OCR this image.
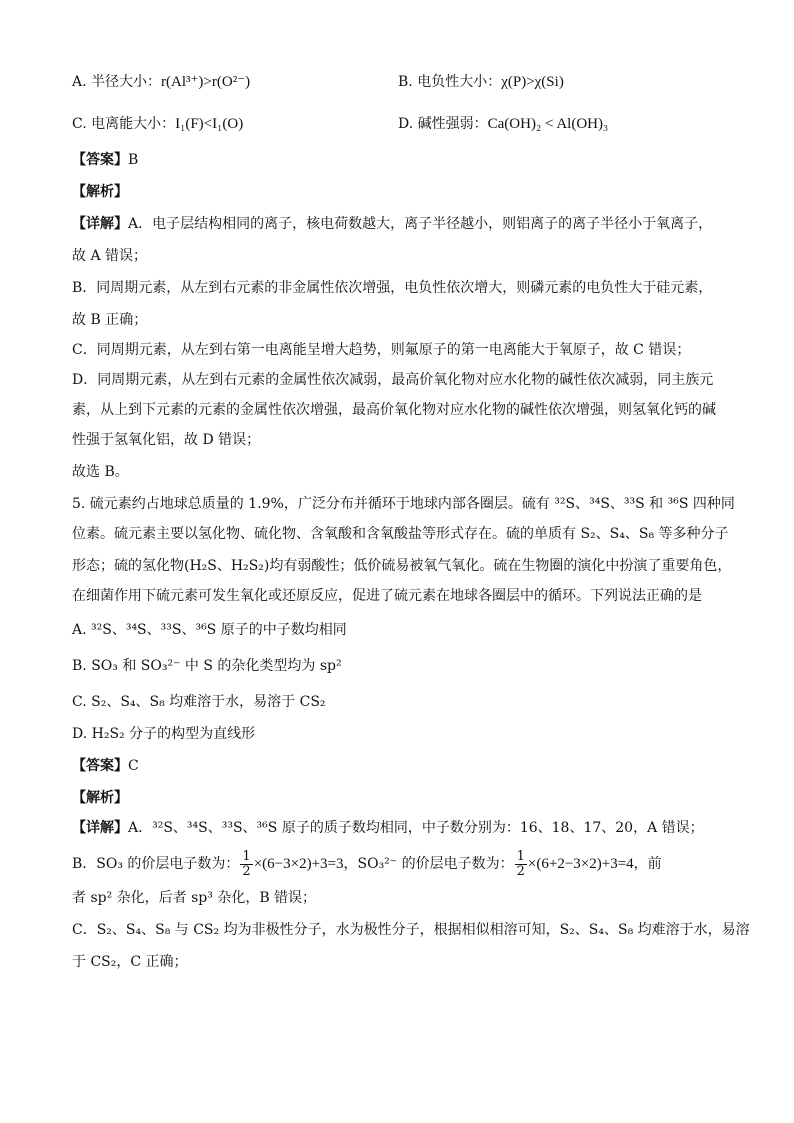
A. 半径大小：r(Al³⁺)>r(O²⁻)	B. 电负性大小：χ(P)>χ(Si)
C. 电离能大小：I₁(F)<I₁(O)	D. 碱性强弱：Ca(OH)₂ < Al(OH)₃
【答案】B
【解析】
【详解】A．电子层结构相同的离子，核电荷数越大，离子半径越小，则铝离子的离子半径小于氧离子，
故 A 错误；
B．同周期元素，从左到右元素的非金属性依次增强，电负性依次增大，则磷元素的电负性大于硅元素，
故 B 正确；
C．同周期元素，从左到右第一电离能呈增大趋势，则氟原子的第一电离能大于氧原子，故 C 错误；
D．同周期元素，从左到右元素的金属性依次减弱，最高价氧化物对应水化物的碱性依次减弱，同主族元
素，从上到下元素的元素的金属性依次增强，最高价氧化物对应水化物的碱性依次增强，则氢氧化钙的碱
性强于氢氧化铝，故 D 错误；
故选 B。
5. 硫元素约占地球总质量的 1.9%，广泛分布并循环于地球内部各圈层。硫有 ³²S、³⁴S、³³S 和 ³⁶S 四种同
位素。硫元素主要以氢化物、硫化物、含氧酸和含氧酸盐等形式存在。硫的单质有 S₂、S₄、S₈ 等多种分子
形态；硫的氢化物(H₂S、H₂S₂)均有弱酸性；低价硫易被氧气氧化。硫在生物圈的演化中扮演了重要角色，
在细菌作用下硫元素可发生氧化或还原反应，促进了硫元素在地球各圈层中的循环。下列说法正确的是
A. ³²S、³⁴S、³³S、³⁶S 原子的中子数均相同
B. SO₃ 和 SO₃²⁻ 中 S 的杂化类型均为 sp²
C. S₂、S₄、S₈ 均难溶于水，易溶于 CS₂
D. H₂S₂ 分子的构型为直线形
【答案】C
【解析】
【详解】A．³²S、³⁴S、³³S、³⁶S 原子的质子数均相同，中子数分别为：16、18、17、20，A 错误；
B．SO₃ 的价层电子数为： $\frac{1}{2} \times(6-3\times 2)+3=3$，SO₃²⁻ 的价层电子数为： $\frac{1}{2} \times(6+2-3\times 2)+3=4$，前
者 sp² 杂化，后者 sp³ 杂化，B 错误；
C．S₂、S₄、S₈ 与 CS₂ 均为非极性分子，水为极性分子，根据相似相溶可知，S₂、S₄、S₈ 均难溶于水，易溶
于 CS₂，C 正确；
